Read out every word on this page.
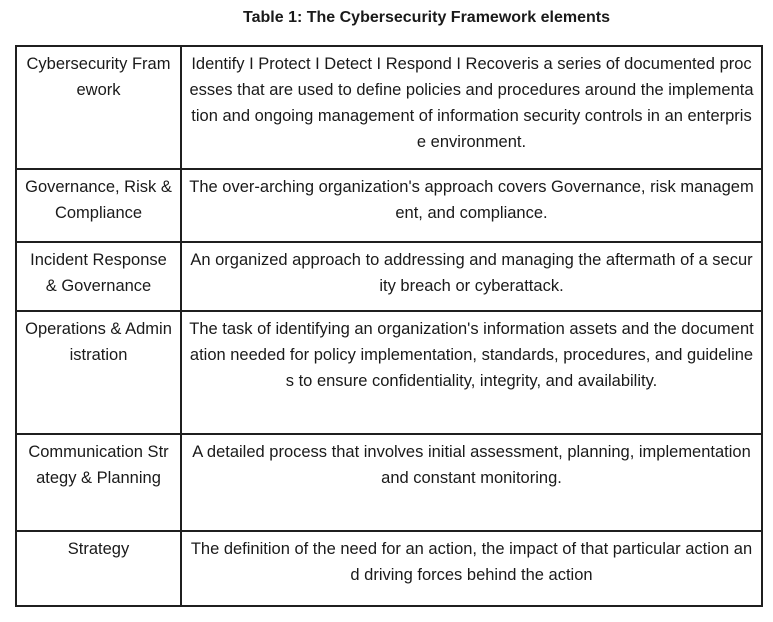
Table 1: The Cybersecurity Framework elements
Cybersecurity Framework	Identify I Protect I Detect I Respond I Recoveris a series of documented processes that are used to define policies and procedures around the implementation and ongoing management of information security controls in an enterprise environment.
Governance, Risk & Compliance	The over-arching organization's approach covers Governance, risk management, and compliance.
Incident Response & Governance	An organized approach to addressing and managing the aftermath of a security breach or cyberattack.
Operations & Administration	The task of identifying an organization's information assets and the documentation needed for policy implementation, standards, procedures, and guidelines to ensure confidentiality, integrity, and availability.
Communication Strategy & Planning	A detailed process that involves initial assessment, planning, implementation and constant monitoring.
Strategy	The definition of the need for an action, the impact of that particular action and driving forces behind the action
